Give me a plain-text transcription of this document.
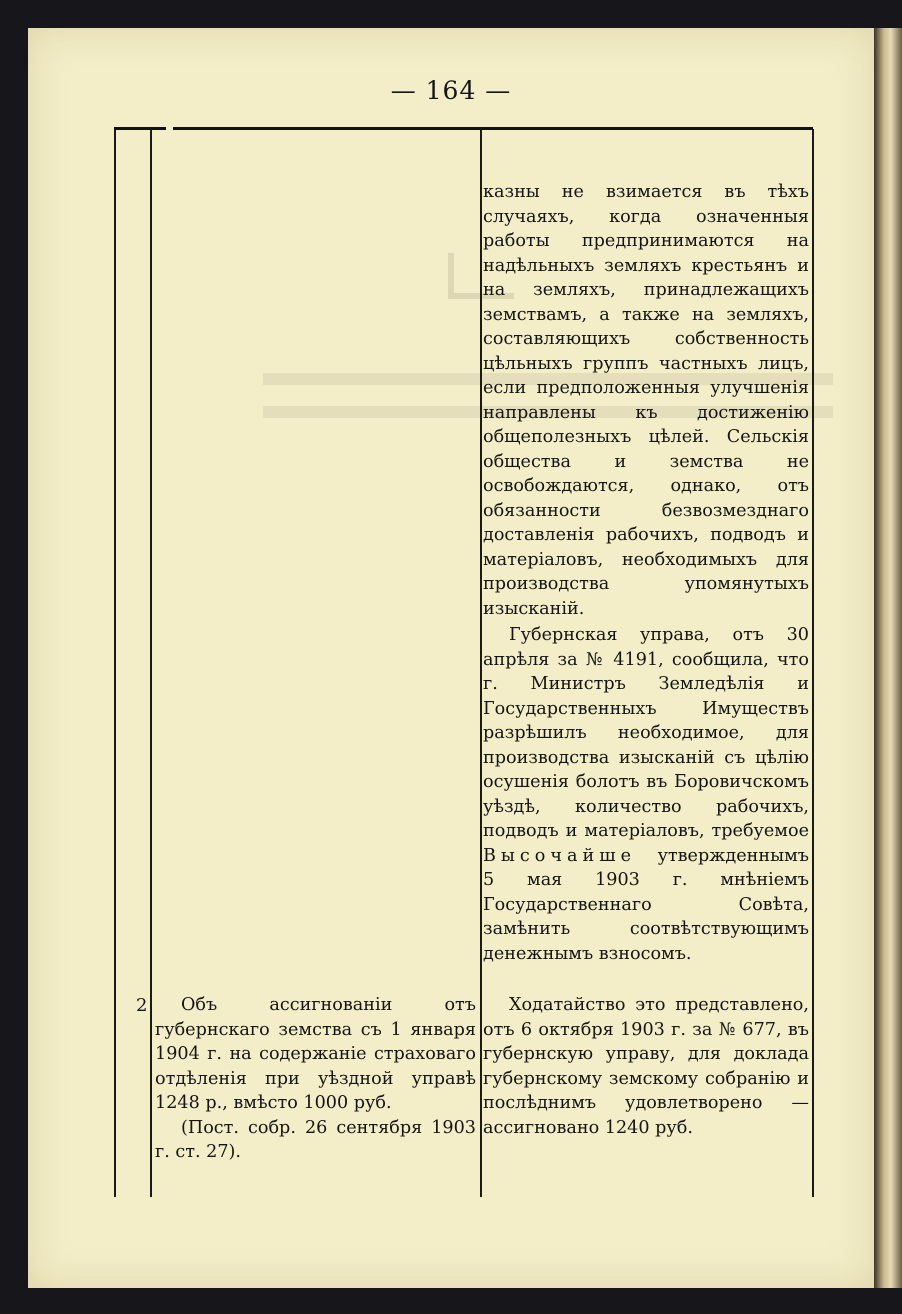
— 164 —

казны не взимается въ тѣхъ случаяхъ, когда означенныя работы предпринимаются на надѣльныхъ земляхъ крестьянъ и на земляхъ, принадлежащихъ земствамъ, а также на земляхъ, составляющихъ собственность цѣльныхъ группъ частныхъ лицъ, если предположенныя улучшенія направлены къ достиженію общеполезныхъ цѣлей. Сельскія общества и земства не освобождаются, однако, отъ обязанности безвозмезднаго доставленія рабочихъ, подводъ и матеріаловъ, необходимыхъ для производства упомянутыхъ изысканій.

Губернская управа, отъ 30 апрѣля за № 4191, сообщила, что г. Министръ Земледѣлія и Государственныхъ Имуществъ разрѣшилъ необходимое, для производства изысканій съ цѣлію осушенія болотъ въ Боровичскомъ уѣздѣ, количество рабочихъ, подводъ и матеріаловъ, требуемое Высочайше утвержденнымъ 5 мая 1903 г. мнѣніемъ Государственнаго Совѣта, замѣнить соотвѣтствующимъ денежнымъ взносомъ.

2	Объ ассигнованіи отъ губернскаго земства съ 1 января 1904 г. на содержаніе страховаго отдѣленія при уѣздной управѣ 1248 р., вмѣсто 1000 руб.

(Пост. собр. 26 сентября 1903 г. ст. 27).

Ходатайство это представлено, отъ 6 октября 1903 г. за № 677, въ губернскую управу, для доклада губернскому земскому собранію и послѣднимъ удовлетворено — ассигновано 1240 руб.
